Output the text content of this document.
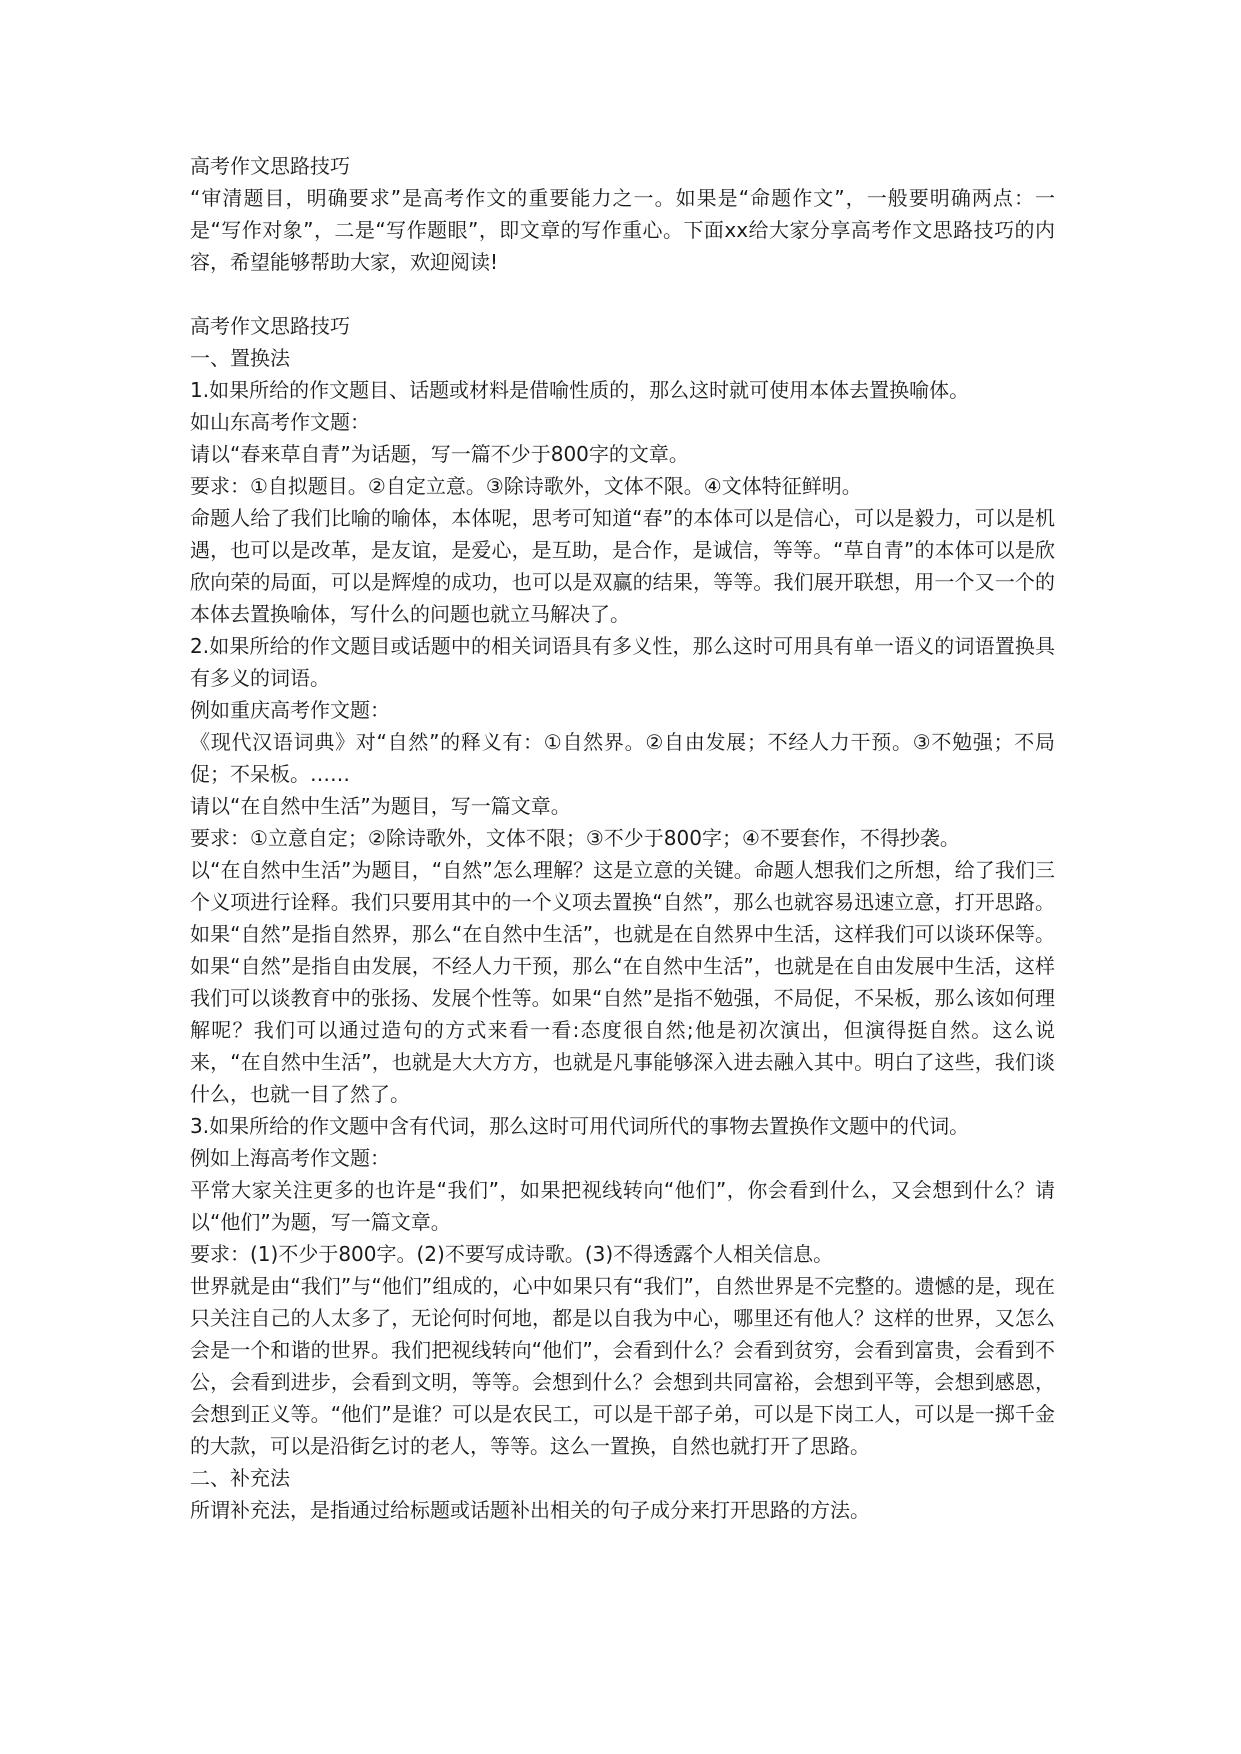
高考作文思路技巧

“审清题目，明确要求”是高考作文的重要能力之一。如果是“命题作文”，一般要明确两点：一是“写作对象”，二是“写作题眼”，即文章的写作重心。下面xx给大家分享高考作文思路技巧的内容，希望能够帮助大家，欢迎阅读!

高考作文思路技巧

一、置换法

1.如果所给的作文题目、话题或材料是借喻性质的，那么这时就可使用本体去置换喻体。

如山东高考作文题：

请以“春来草自青”为话题，写一篇不少于800字的文章。

要求：①自拟题目。②自定立意。③除诗歌外，文体不限。④文体特征鲜明。

命题人给了我们比喻的喻体，本体呢，思考可知道“春”的本体可以是信心，可以是毅力，可以是机遇，也可以是改革，是友谊，是爱心，是互助，是合作，是诚信，等等。“草自青”的本体可以是欣欣向荣的局面，可以是辉煌的成功，也可以是双赢的结果，等等。我们展开联想，用一个又一个的本体去置换喻体，写什么的问题也就立马解决了。

2.如果所给的作文题目或话题中的相关词语具有多义性，那么这时可用具有单一语义的词语置换具有多义的词语。

例如重庆高考作文题：

《现代汉语词典》对“自然”的释义有：①自然界。②自由发展；不经人力干预。③不勉强；不局促；不呆板。……

请以“在自然中生活”为题目，写一篇文章。

要求：①立意自定；②除诗歌外，文体不限；③不少于800字；④不要套作，不得抄袭。

以“在自然中生活”为题目，“自然”怎么理解？这是立意的关键。命题人想我们之所想，给了我们三个义项进行诠释。我们只要用其中的一个义项去置换“自然”，那么也就容易迅速立意，打开思路。如果“自然”是指自然界，那么“在自然中生活”，也就是在自然界中生活，这样我们可以谈环保等。如果“自然”是指自由发展，不经人力干预，那么“在自然中生活”，也就是在自由发展中生活，这样我们可以谈教育中的张扬、发展个性等。如果“自然”是指不勉强，不局促，不呆板，那么该如何理解呢？我们可以通过造句的方式来看一看:态度很自然;他是初次演出，但演得挺自然。这么说来，“在自然中生活”，也就是大大方方，也就是凡事能够深入进去融入其中。明白了这些，我们谈什么，也就一目了然了。

3.如果所给的作文题中含有代词，那么这时可用代词所代的事物去置换作文题中的代词。

例如上海高考作文题：

平常大家关注更多的也许是“我们”，如果把视线转向“他们”，你会看到什么，又会想到什么？请以“他们”为题，写一篇文章。

要求：(1)不少于800字。(2)不要写成诗歌。(3)不得透露个人相关信息。

世界就是由“我们”与“他们”组成的，心中如果只有“我们”，自然世界是不完整的。遗憾的是，现在只关注自己的人太多了，无论何时何地，都是以自我为中心，哪里还有他人？这样的世界，又怎么会是一个和谐的世界。我们把视线转向“他们”，会看到什么？会看到贫穷，会看到富贵，会看到不公，会看到进步，会看到文明，等等。会想到什么？会想到共同富裕，会想到平等，会想到感恩，会想到正义等。“他们”是谁？可以是农民工，可以是干部子弟，可以是下岗工人，可以是一掷千金的大款，可以是沿街乞讨的老人，等等。这么一置换，自然也就打开了思路。

二、补充法

所谓补充法，是指通过给标题或话题补出相关的句子成分来打开思路的方法。
